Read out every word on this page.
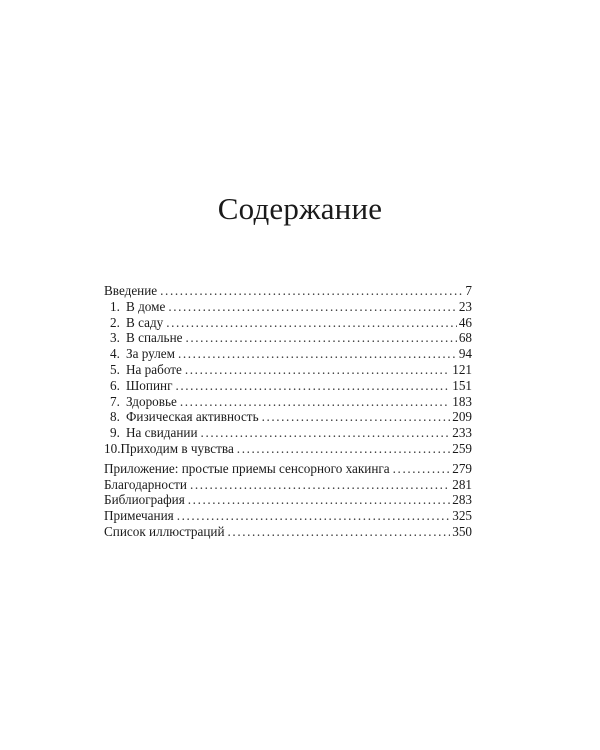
Содержание
Введение .....	7
1. В доме .....	23
2. В саду .....	46
3. В спальне .....	68
4. За рулем .....	94
5. На работе .....	121
6. Шопинг .....	151
7. Здоровье .....	183
8. Физическая активность .....	209
9. На свидании .....	233
10. Приходим в чувства .....	259
Приложение: простые приемы сенсорного хакинга .....	279
Благодарности .....	281
Библиография .....	283
Примечания .....	325
Список иллюстраций .....	350
